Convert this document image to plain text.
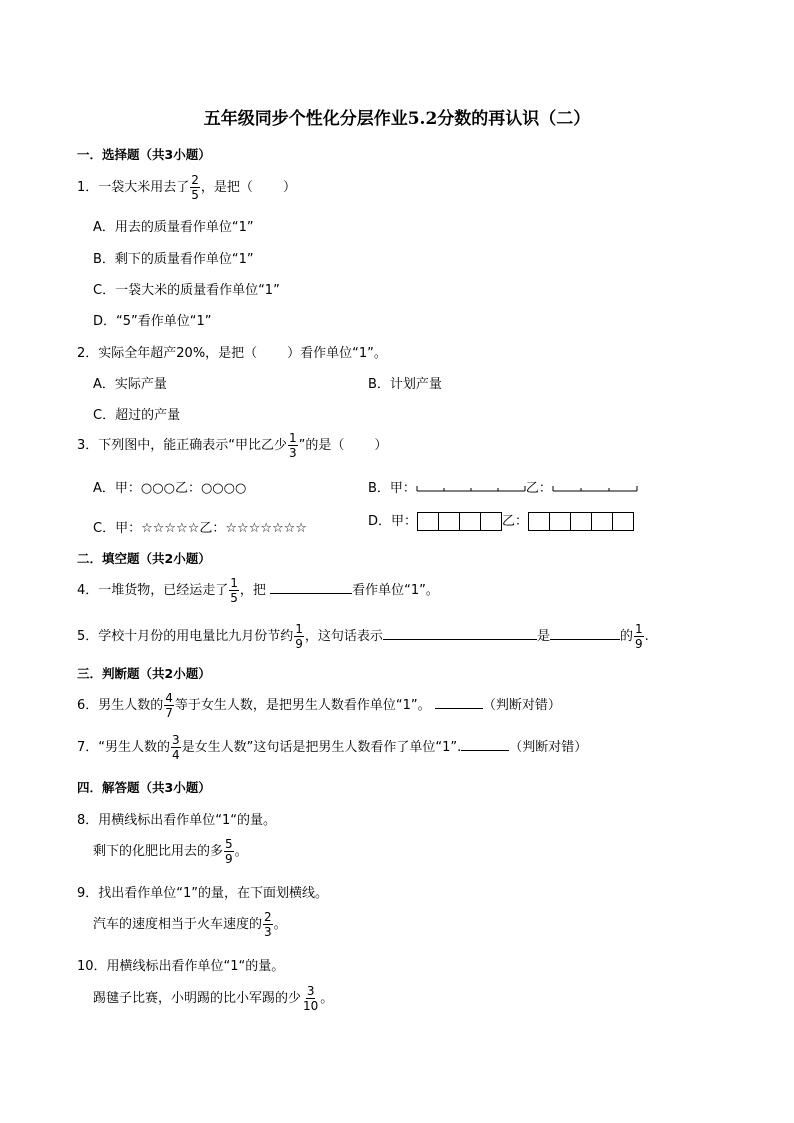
五年级同步个性化分层作业5.2分数的再认识（二）
一．选择题（共3小题）
1．一袋大米用去了 $\frac{2}{5}$ ，是把（ ）
A．用去的质量看作单位“1”
B．剩下的质量看作单位“1”
C．一袋大米的质量看作单位“1”
D．“5”看作单位“1”
2．实际全年超产20%，是把（ ）看作单位“1”。
A．实际产量	B．计划产量
C．超过的产量
3．下列图中，能正确表示“甲比乙少 $\frac{1}{3}$ ”的是（ ）
A．甲：○○○乙：○○○○	B．甲：	乙：
C．甲：☆☆☆☆☆乙：☆☆☆☆☆☆☆	D．甲：	乙：
二．填空题（共2小题）
4．一堆货物，已经运走了 $\frac{1}{5}$ ，把	看作单位“1”。
5．学校十月份的用电量比九月份节约 $\frac{1}{9}$ ，这句话表示	是	的 $\frac{1}{9}$ .
三．判断题（共2小题）
6．男生人数的 $\frac{4}{7}$ 等于女生人数，是把男生人数看作单位“1”。	（判断对错）
7．“男生人数的 $\frac{3}{4}$ 是女生人数”这句话是把男生人数看作了单位“1”.	（判断对错）
四．解答题（共3小题）
8．用横线标出看作单位“1“的量。
剩下的化肥比用去的多 $\frac{5}{9}$ 。
9．找出看作单位“1”的量，在下面划横线。
汽车的速度相当于火车速度的 $\frac{2}{3}$ 。
10．用横线标出看作单位“1“的量。
踢毽子比赛，小明踢的比小军踢的少 $\frac{3}{10}$ 。
